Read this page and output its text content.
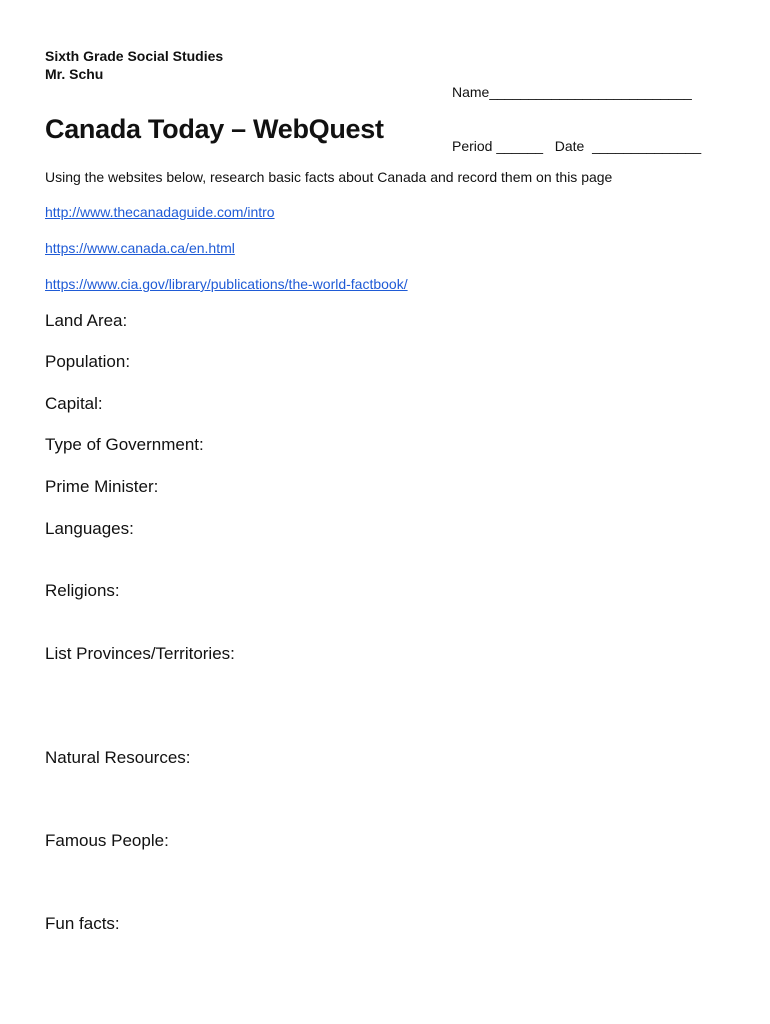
Sixth Grade Social Studies
Mr. Schu

Name__________________________

Period ______   Date  ______________

Canada Today – WebQuest
Using the websites below, research basic facts about Canada and record them on this page
http://www.thecanadaguide.com/intro
https://www.canada.ca/en.html
https://www.cia.gov/library/publications/the-world-factbook/
Land Area:
Population:
Capital:
Type of Government:
Prime Minister:
Languages:
Religions:
List Provinces/Territories:
Natural Resources:
Famous People:
Fun facts:
